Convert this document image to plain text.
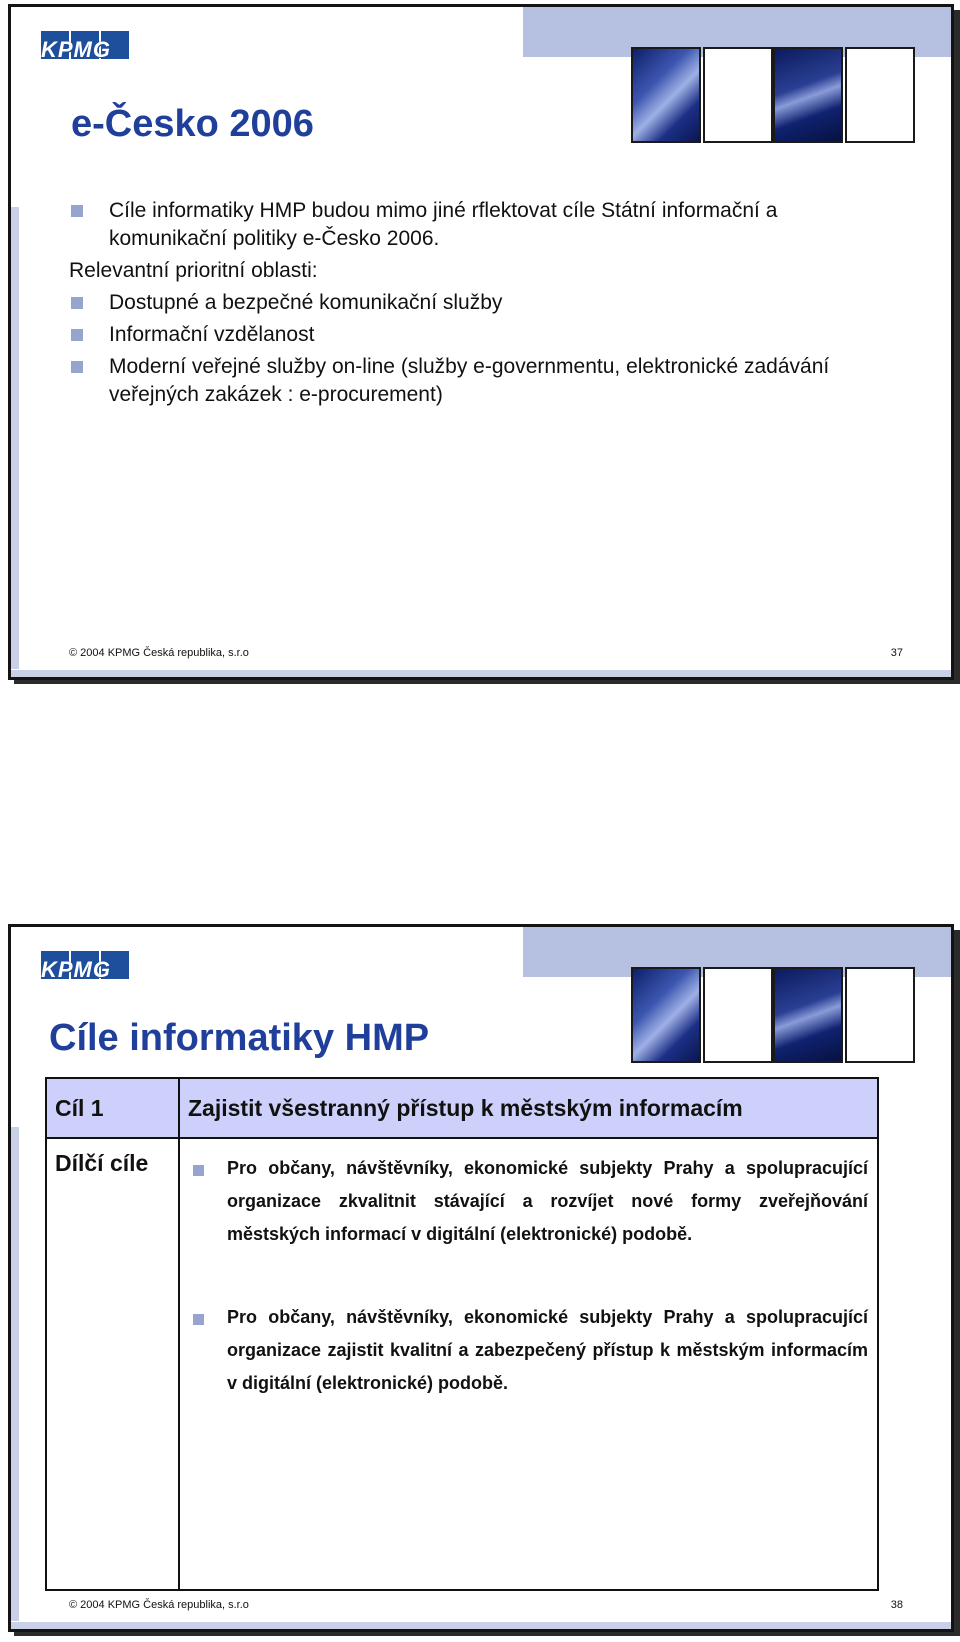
KPMG
e-Česko 2006
Cíle informatiky HMP budou mimo jiné rflektovat cíle Státní informační a komunikační politiky e-Česko 2006.
Relevantní prioritní oblasti:
Dostupné a bezpečné komunikační služby
Informační vzdělanost
Moderní veřejné služby on-line (služby e-governmentu, elektronické zadávání veřejných zakázek : e-procurement)
© 2004 KPMG Česká republika, s.r.o	37
KPMG
Cíle informatiky HMP
Cíl 1	Zajistit všestranný přístup k městským informacím

Dílčí cíle	Pro občany, návštěvníky, ekonomické subjekty Prahy a spolupracující organizace zkvalitnit stávající a rozvíjet nové formy zveřejňování městských informací v digitální (elektronické) podobě.
Pro občany, návštěvníky, ekonomické subjekty Prahy a spolupracující organizace zajistit kvalitní a zabezpečený přístup k městským informacím v digitální (elektronické) podobě.
© 2004 KPMG Česká republika, s.r.o	38
